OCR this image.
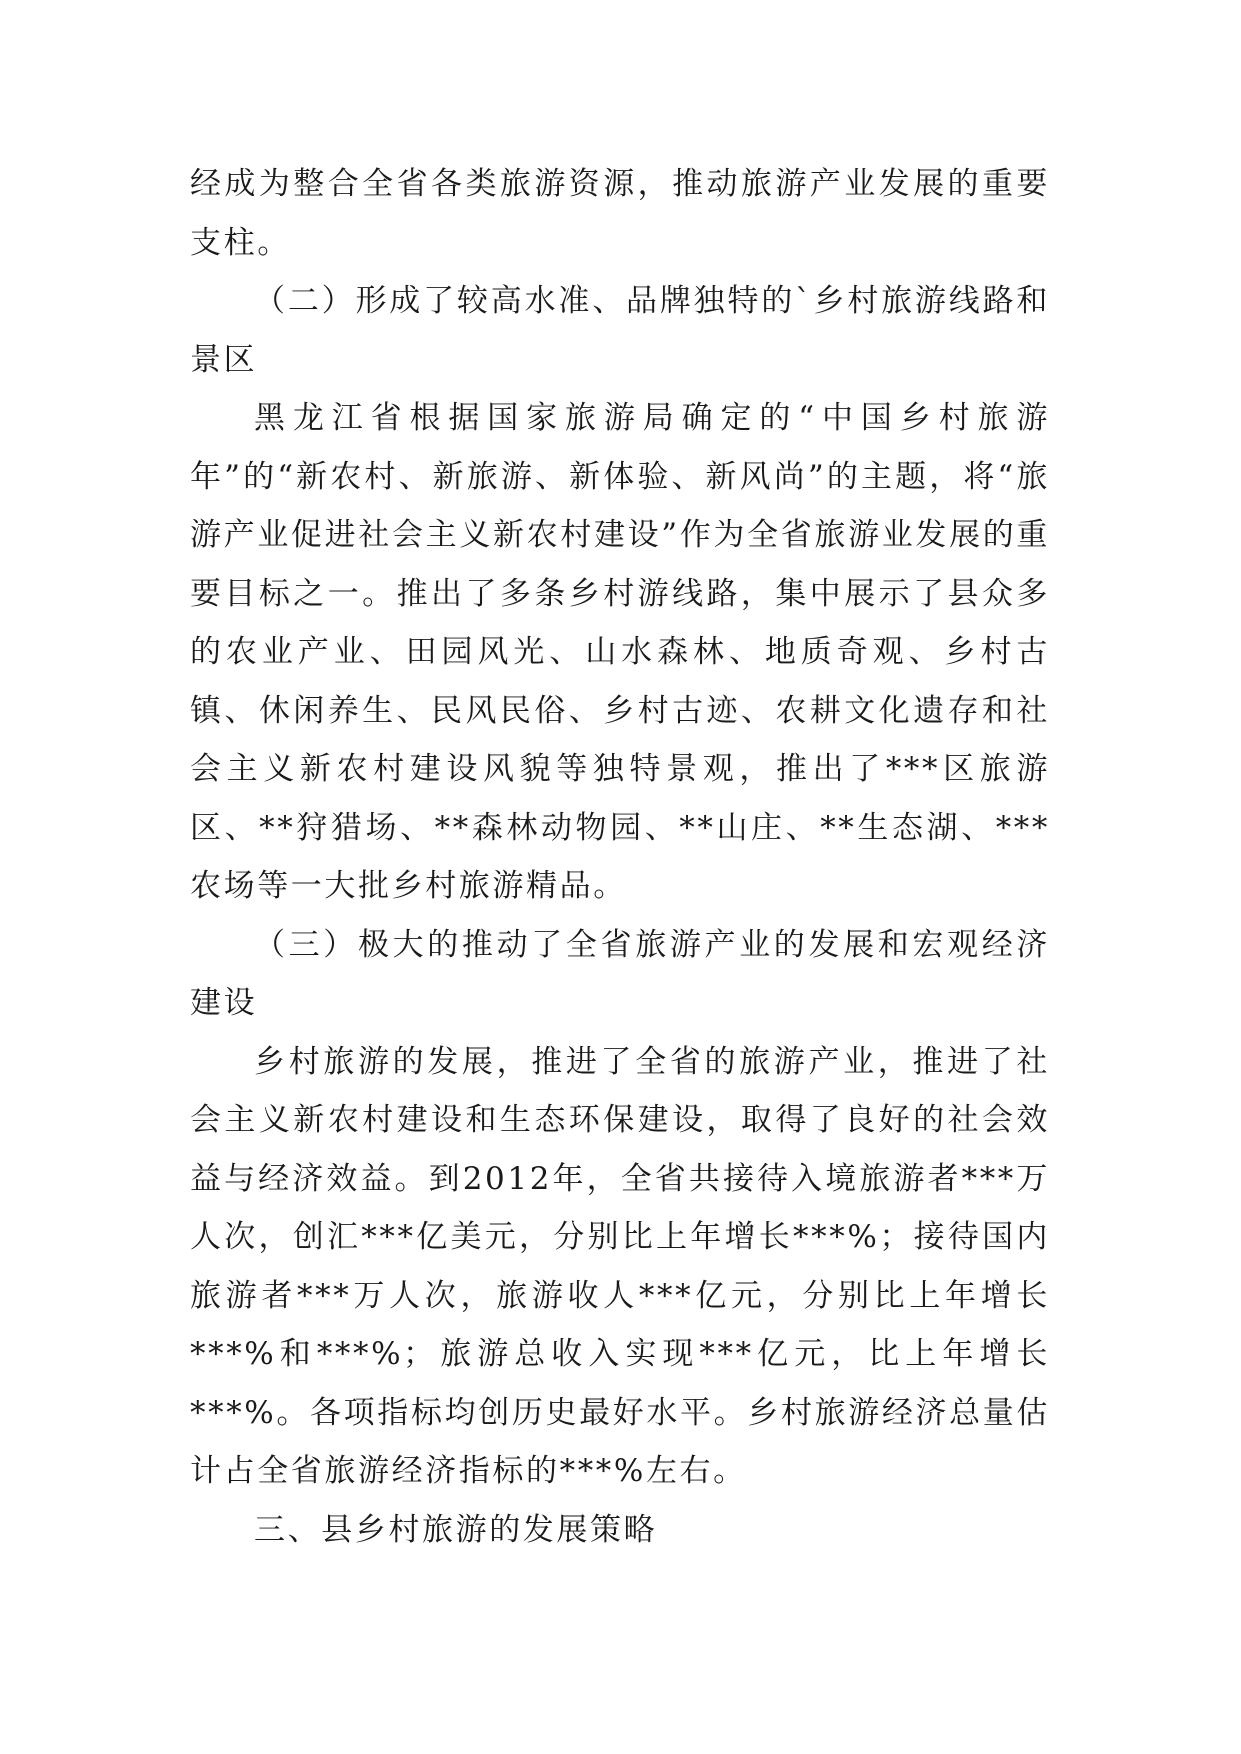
经成为整合全省各类旅游资源，推动旅游产业发展的重要支柱。

（二）形成了较高水准、品牌独特的`乡村旅游线路和景区

黑龙江省根据国家旅游局确定的“中国乡村旅游年”的“新农村、新旅游、新体验、新风尚”的主题，将“旅游产业促进社会主义新农村建设”作为全省旅游业发展的重要目标之一。推出了多条乡村游线路，集中展示了县众多的农业产业、田园风光、山水森林、地质奇观、乡村古镇、休闲养生、民风民俗、乡村古迹、农耕文化遗存和社会主义新农村建设风貌等独特景观，推出了***区旅游区、**狩猎场、**森林动物园、**山庄、**生态湖、***农场等一大批乡村旅游精品。

（三）极大的推动了全省旅游产业的发展和宏观经济建设

乡村旅游的发展，推进了全省的旅游产业，推进了社会主义新农村建设和生态环保建设，取得了良好的社会效益与经济效益。到2012年，全省共接待入境旅游者***万人次，创汇***亿美元，分别比上年增长***%；接待国内旅游者***万人次，旅游收人***亿元，分别比上年增长***%和***%；旅游总收入实现***亿元，比上年增长***%。各项指标均创历史最好水平。乡村旅游经济总量估计占全省旅游经济指标的***%左右。

三、县乡村旅游的发展策略
